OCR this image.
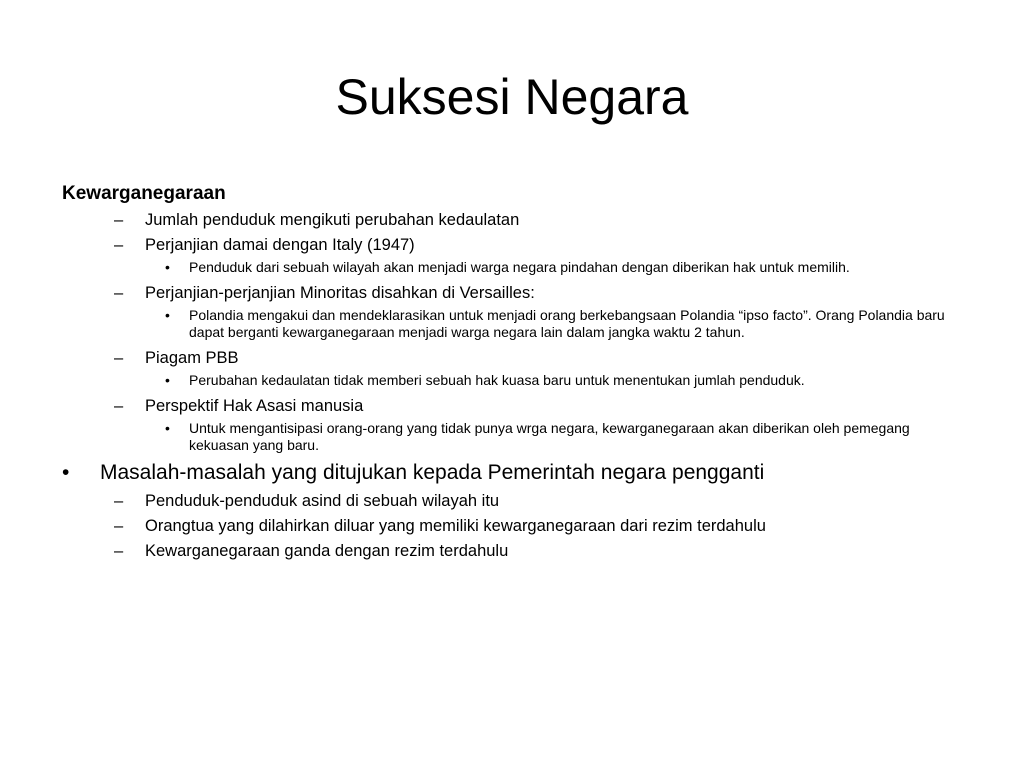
Suksesi Negara
Kewarganegaraan
– Jumlah penduduk mengikuti perubahan kedaulatan
– Perjanjian damai dengan Italy (1947)
• Penduduk dari sebuah wilayah akan menjadi warga negara pindahan dengan diberikan hak untuk memilih.
– Perjanjian-perjanjian Minoritas disahkan di Versailles:
• Polandia mengakui dan mendeklarasikan untuk menjadi orang berkebangsaan Polandia “ipso facto”. Orang Polandia baru dapat berganti kewarganegaraan menjadi warga negara lain dalam jangka waktu 2 tahun.
– Piagam PBB
• Perubahan kedaulatan tidak memberi sebuah hak kuasa baru untuk menentukan jumlah penduduk.
– Perspektif Hak Asasi manusia
• Untuk mengantisipasi orang-orang yang tidak punya wrga negara, kewarganegaraan akan diberikan oleh pemegang kekuasan yang baru.
• Masalah-masalah yang ditujukan kepada Pemerintah negara pengganti
– Penduduk-penduduk asind di sebuah wilayah itu
– Orangtua yang dilahirkan diluar yang memiliki kewarganegaraan dari rezim terdahulu
– Kewarganegaraan ganda dengan rezim terdahulu
